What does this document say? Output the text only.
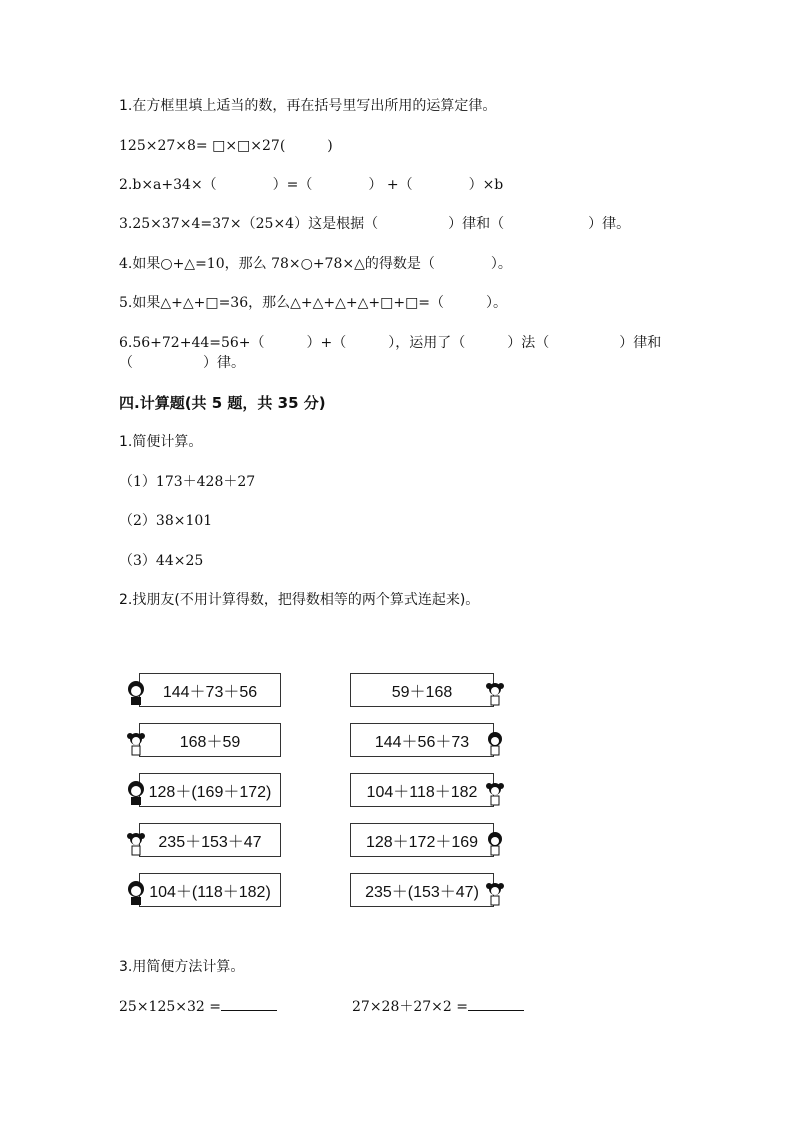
1.在方框里填上适当的数，再在括号里写出所用的运算定律。
125×27×8= □×□×27(　　　)
2.b×a+34×（　　　　）=（　　　　） +（　　　　）×b
3.25×37×4=37×（25×4）这是根据（　　　　　）律和（　　　　　　）律。
4.如果○+△=10，那么 78×○+78×△的得数是（　　　　）。
5.如果△+△+□=36，那么△+△+△+△+□+□=（　　　）。
6.56+72+44=56+（　　　）+（　　　），运用了（　　　）法（　　　　　）律和
（　　　　　）律。
四.计算题(共 5 题，共 35 分)
1.简便计算。
（1）173＋428＋27
（2）38×101
（3）44×25
2.找朋友(不用计算得数，把得数相等的两个算式连起来)。
144＋73＋56
168＋59
128＋(169＋172)
235＋153＋47
104＋(118＋182)
59＋168
144＋56＋73
104＋118＋182
128＋172＋169
235＋(153＋47)
3.用简便方法计算。
25×125×32 =	27×28＋27×2 =
